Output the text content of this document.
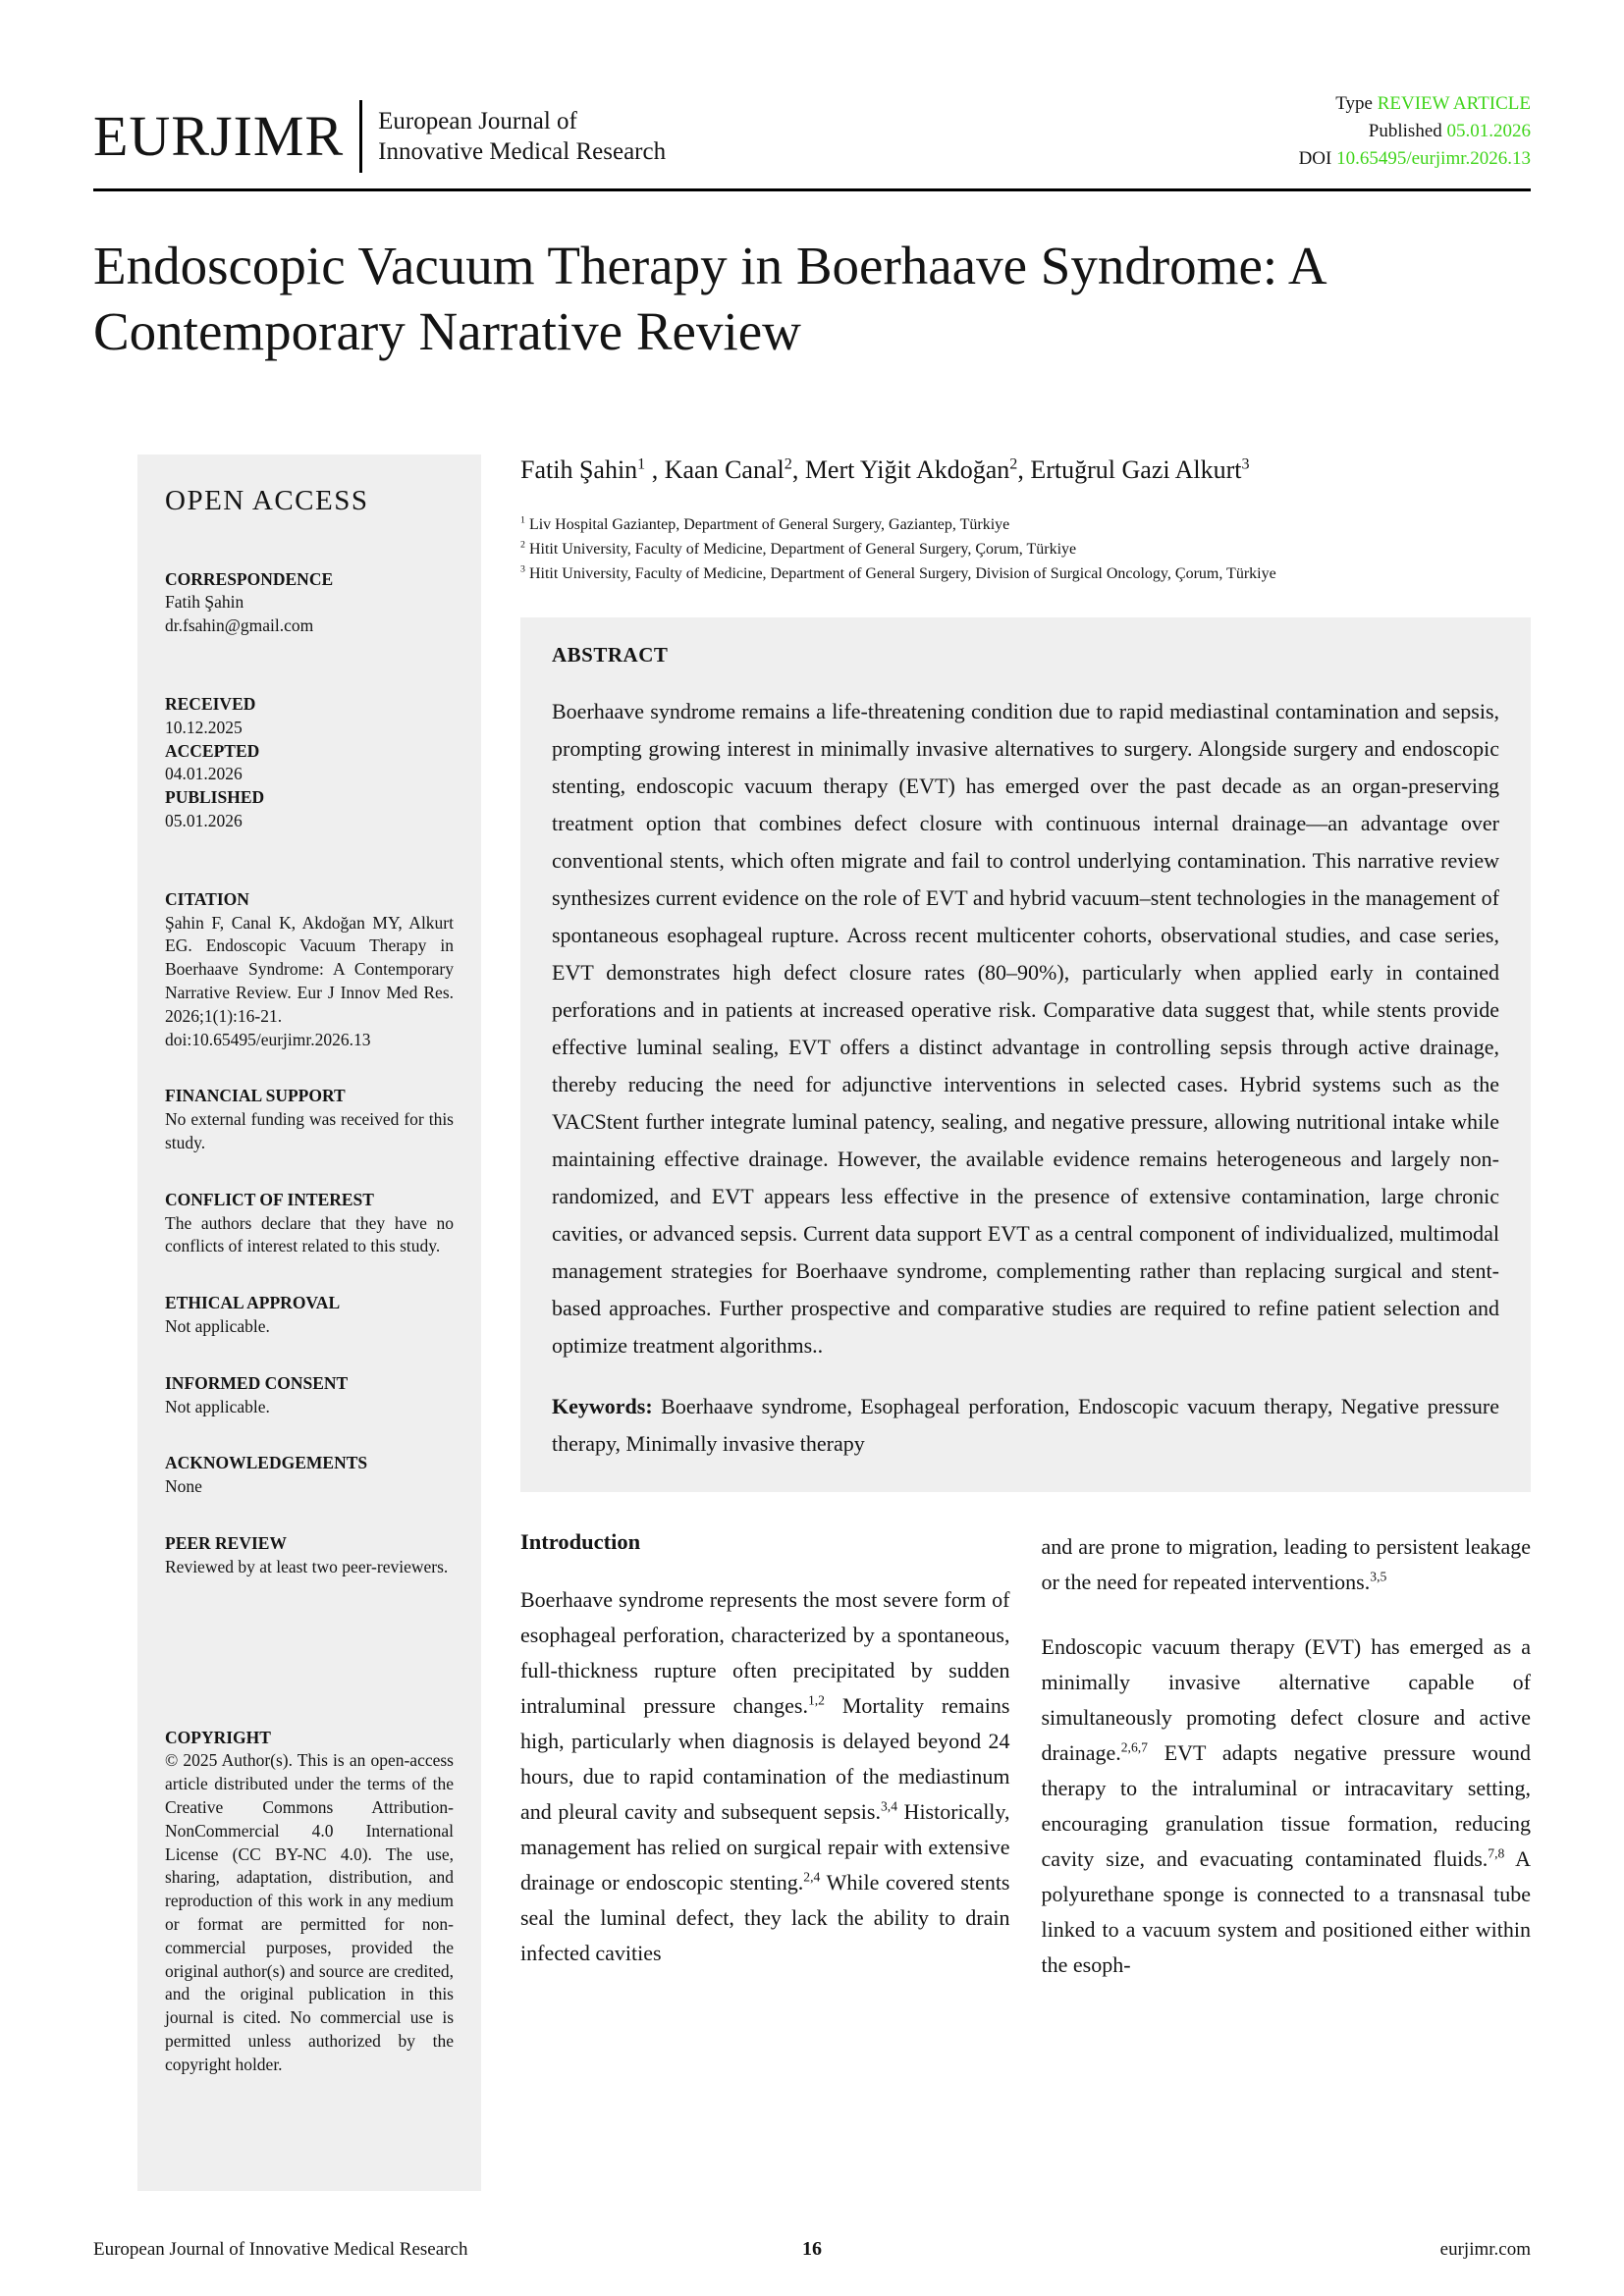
EURJIMR European Journal of
Innovative Medical Research
Type REVIEW ARTICLE
Published 05.01.2026
DOI 10.65495/eurjimr.2026.13
Endoscopic Vacuum Therapy in Boerhaave Syndrome: A Contemporary Narrative Review
OPEN ACCESS
CORRESPONDENCE
Fatih Şahin
dr.fsahin@gmail.com
RECEIVED
10.12.2025
ACCEPTED
04.01.2026
PUBLISHED
05.01.2026
CITATION
Şahin F, Canal K, Akdoğan MY, Alkurt EG. Endoscopic Vacuum Therapy in Boerhaave Syndrome: A Contemporary Narrative Review. Eur J Innov Med Res. 2026;1(1):16-21. doi:10.65495/eurjimr.2026.13
FINANCIAL SUPPORT
No external funding was received for this study.
CONFLICT OF INTEREST
The authors declare that they have no conflicts of interest related to this study.
ETHICAL APPROVAL
Not applicable.
INFORMED CONSENT
Not applicable.
ACKNOWLEDGEMENTS
None
PEER REVIEW
Reviewed by at least two peer-reviewers.
COPYRIGHT
© 2025 Author(s). This is an open-access article distributed under the terms of the Creative Commons Attribution-NonCommercial 4.0 International License (CC BY-NC 4.0). The use, sharing, adaptation, distribution, and reproduction of this work in any medium or format are permitted for non-commercial purposes, provided the original author(s) and source are credited, and the original publication in this journal is cited. No commercial use is permitted unless authorized by the copyright holder.
Fatih Şahin$^1$ , Kaan Canal$^2$, Mert Yiğit Akdoğan$^2$, Ertuğrul Gazi Alkurt$^3$
$^1$ Liv Hospital Gaziantep, Department of General Surgery, Gaziantep, Türkiye
$^2$ Hitit University, Faculty of Medicine, Department of General Surgery, Çorum, Türkiye
$^3$ Hitit University, Faculty of Medicine, Department of General Surgery, Division of Surgical Oncology, Çorum, Türkiye
ABSTRACT

Boerhaave syndrome remains a life-threatening condition due to rapid mediastinal contamination and sepsis, prompting growing interest in minimally invasive alternatives to surgery. Alongside surgery and endoscopic stenting, endoscopic vacuum therapy (EVT) has emerged over the past decade as an organ-preserving treatment option that combines defect closure with continuous internal drainage—an advantage over conventional stents, which often migrate and fail to control underlying contamination. This narrative review synthesizes current evidence on the role of EVT and hybrid vacuum–stent technologies in the management of spontaneous esophageal rupture. Across recent multicenter cohorts, observational studies, and case series, EVT demonstrates high defect closure rates (80–90%), particularly when applied early in contained perforations and in patients at increased operative risk. Comparative data suggest that, while stents provide effective luminal sealing, EVT offers a distinct advantage in controlling sepsis through active drainage, thereby reducing the need for adjunctive interventions in selected cases. Hybrid systems such as the VACStent further integrate luminal patency, sealing, and negative pressure, allowing nutritional intake while maintaining effective drainage. However, the available evidence remains heterogeneous and largely non-randomized, and EVT appears less effective in the presence of extensive contamination, large chronic cavities, or advanced sepsis. Current data support EVT as a central component of individualized, multimodal management strategies for Boerhaave syndrome, complementing rather than replacing surgical and stent-based approaches. Further prospective and comparative studies are required to refine patient selection and optimize treatment algorithms..

Keywords: Boerhaave syndrome, Esophageal perforation, Endoscopic vacuum therapy, Negative pressure therapy, Minimally invasive therapy

Introduction

Boerhaave syndrome represents the most severe form of esophageal perforation, characterized by a spontaneous, full-thickness rupture often precipitated by sudden intraluminal pressure changes.$^{1,2}$ Mortality remains high, particularly when diagnosis is delayed beyond 24 hours, due to rapid contamination of the mediastinum and pleural cavity and subsequent sepsis.$^{3,4}$ Historically, management has relied on surgical repair with extensive drainage or endoscopic stenting.$^{2,4}$ While covered stents seal the luminal defect, they lack the ability to drain infected cavities

and are prone to migration, leading to persistent leakage or the need for repeated interventions.$^{3,5}$

Endoscopic vacuum therapy (EVT) has emerged as a minimally invasive alternative capable of simultaneously promoting defect closure and active drainage.$^{2,6,7}$ EVT adapts negative pressure wound therapy to the intraluminal or intracavitary setting, encouraging granulation tissue formation, reducing cavity size, and evacuating contaminated fluids.$^{7,8}$ A polyurethane sponge is connected to a transnasal tube linked to a vacuum system and positioned either within the esoph-

European Journal of Innovative Medical Research	16	eurjimr.com
